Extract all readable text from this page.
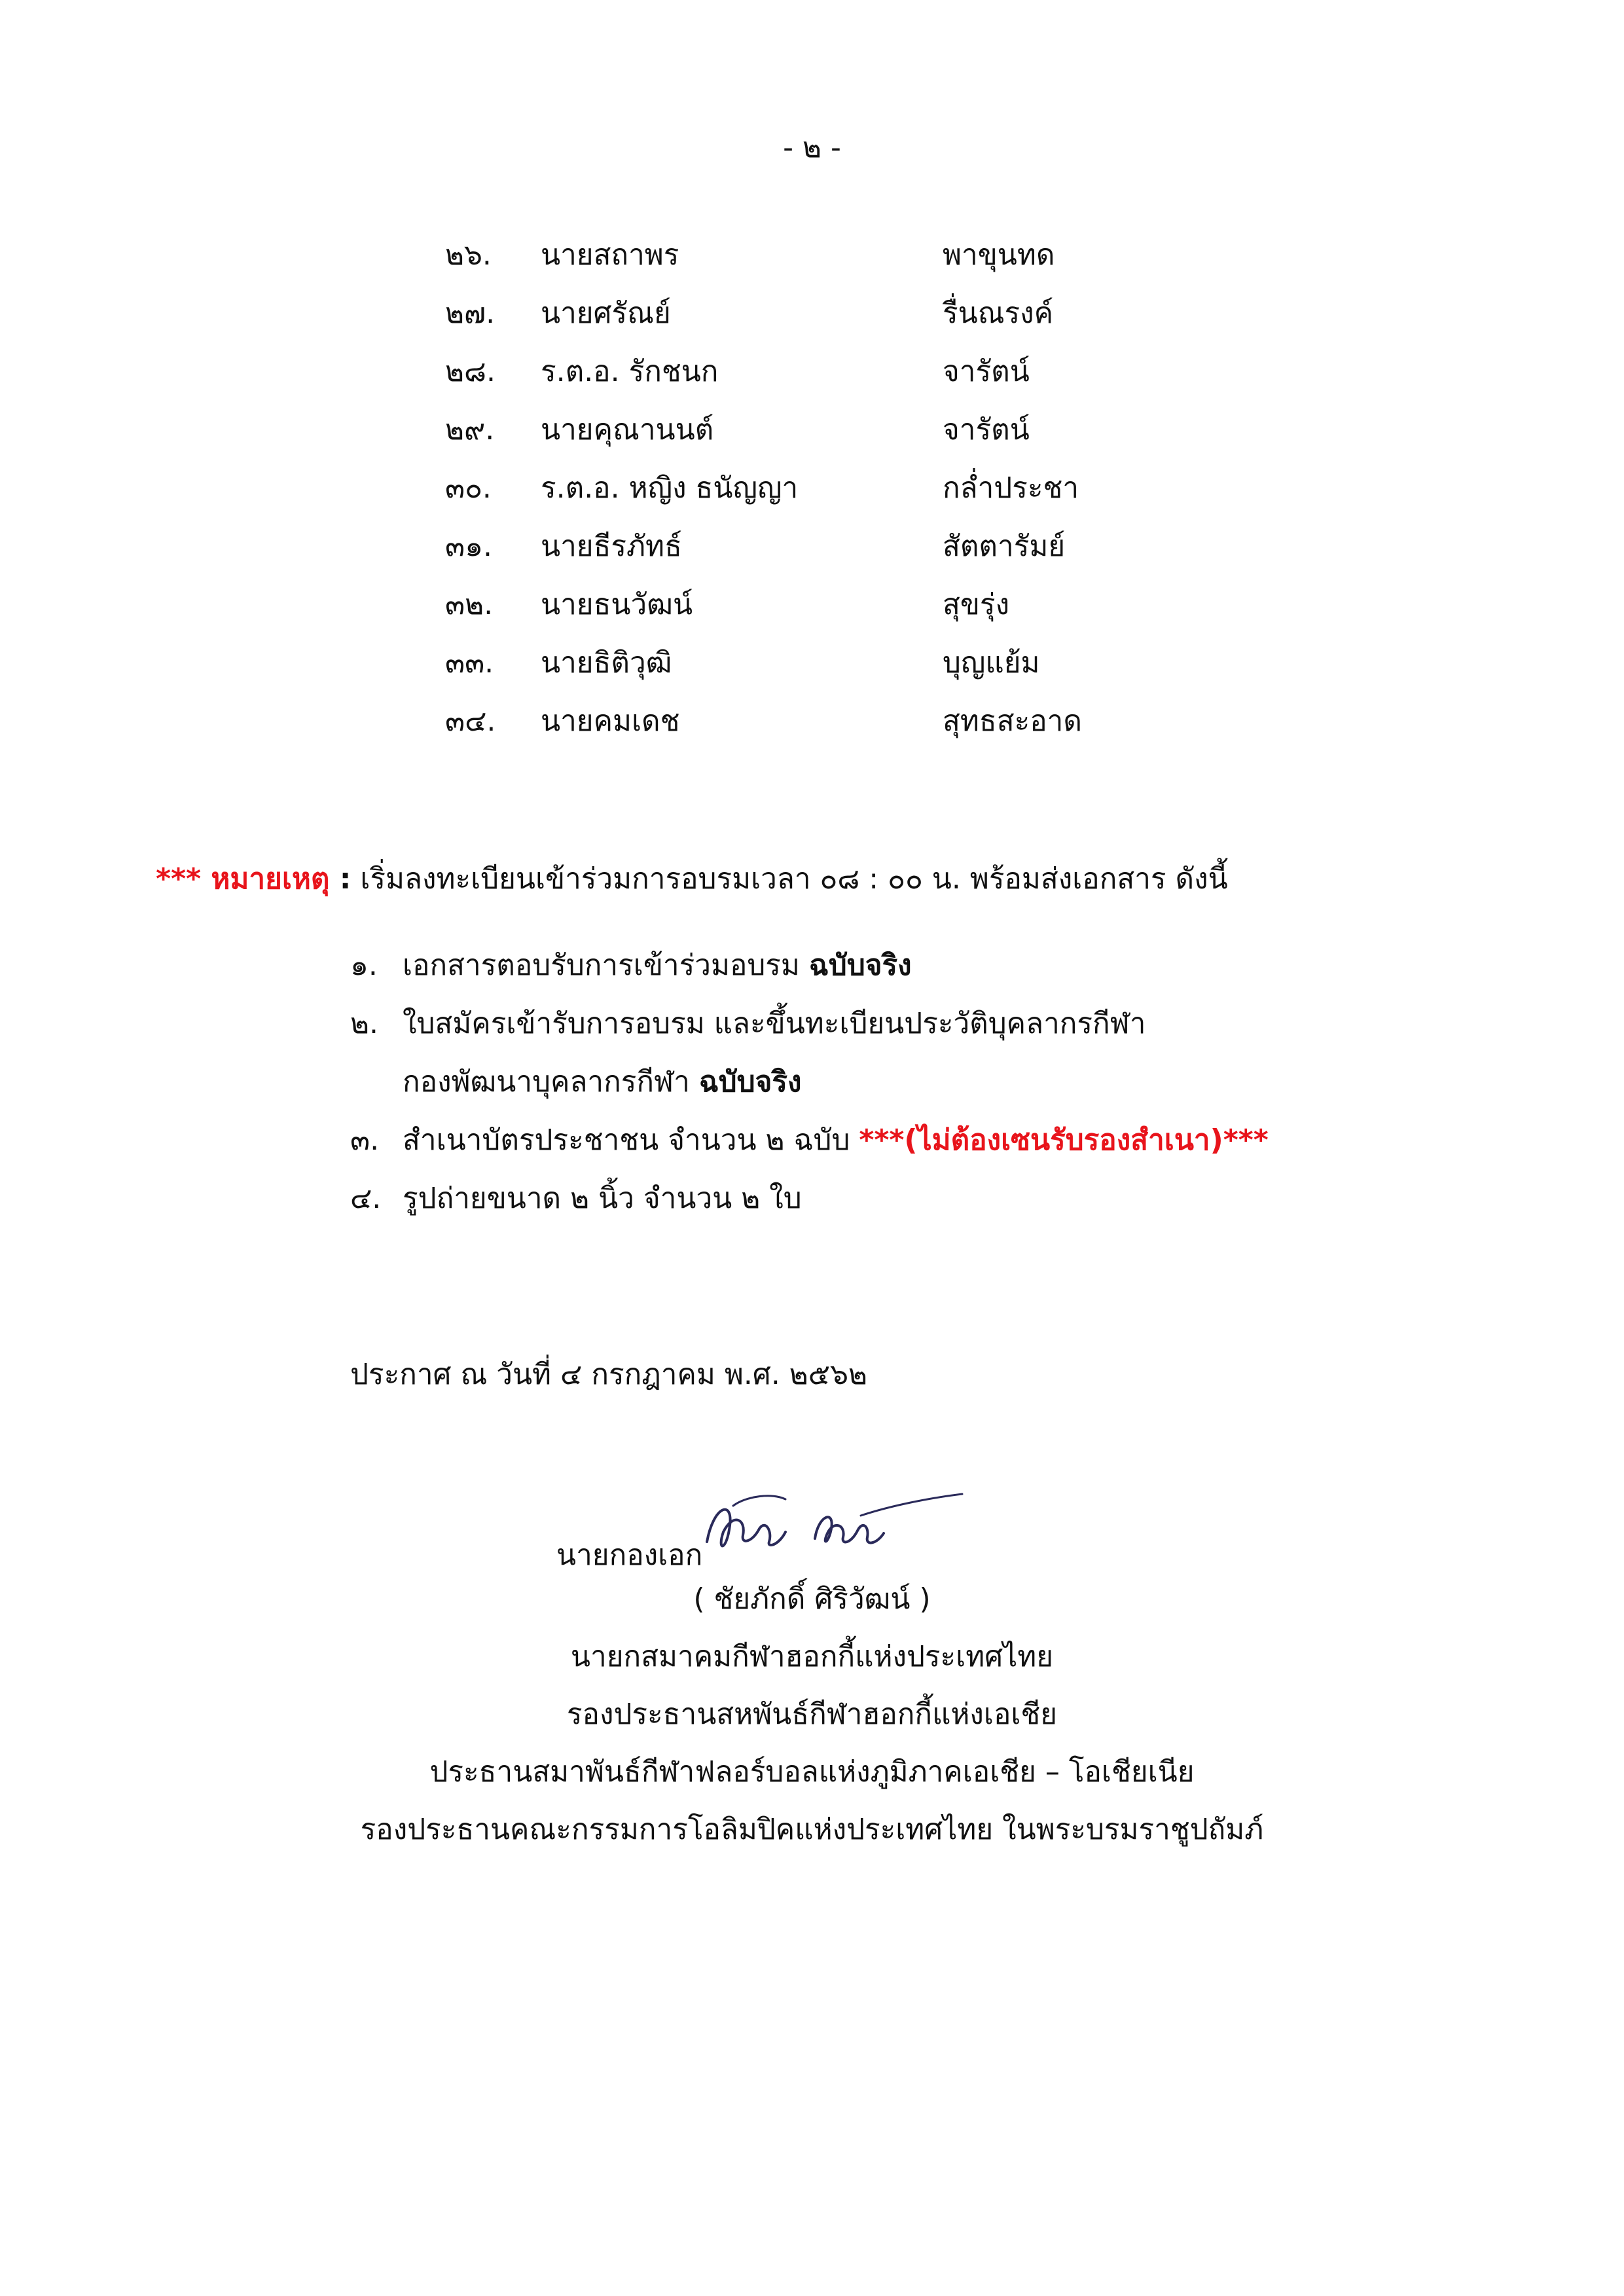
- ๒ -
๒๖. นายสถาพร	พาขุนทด
๒๗. นายศรัณย์	รื่นณรงค์
๒๘. ร.ต.อ. รักชนก	จารัตน์
๒๙. นายคุณานนต์	จารัตน์
๓๐. ร.ต.อ. หญิง ธนัญญา	กล่ำประชา
๓๑. นายธีรภัทธ์	สัตตารัมย์
๓๒. นายธนวัฒน์	สุขรุ่ง
๓๓. นายธิติวุฒิ	บุญแย้ม
๓๔. นายคมเดช	สุทธสะอาด
*** หมายเหตุ : เริ่มลงทะเบียนเข้าร่วมการอบรมเวลา ๐๘ : ๐๐ น. พร้อมส่งเอกสาร ดังนี้
๑. เอกสารตอบรับการเข้าร่วมอบรม ฉบับจริง
๒. ใบสมัครเข้ารับการอบรม และขึ้นทะเบียนประวัติบุคลากรกีฬา
กองพัฒนาบุคลากรกีฬา ฉบับจริง
๓. สำเนาบัตรประชาชน จำนวน ๒ ฉบับ ***(ไม่ต้องเซนรับรองสำเนา)***
๔. รูปถ่ายขนาด ๒ นิ้ว จำนวน ๒ ใบ
ประกาศ ณ วันที่ ๔ กรกฎาคม พ.ศ. ๒๕๖๒
นายกองเอก
( ชัยภักดิ์ ศิริวัฒน์ )
นายกสมาคมกีฬาฮอกกี้แห่งประเทศไทย
รองประธานสหพันธ์กีฬาฮอกกี้แห่งเอเชีย
ประธานสมาพันธ์กีฬาฟลอร์บอลแห่งภูมิภาคเอเชีย – โอเชียเนีย
รองประธานคณะกรรมการโอลิมปิคแห่งประเทศไทย ในพระบรมราชูปถัมภ์
